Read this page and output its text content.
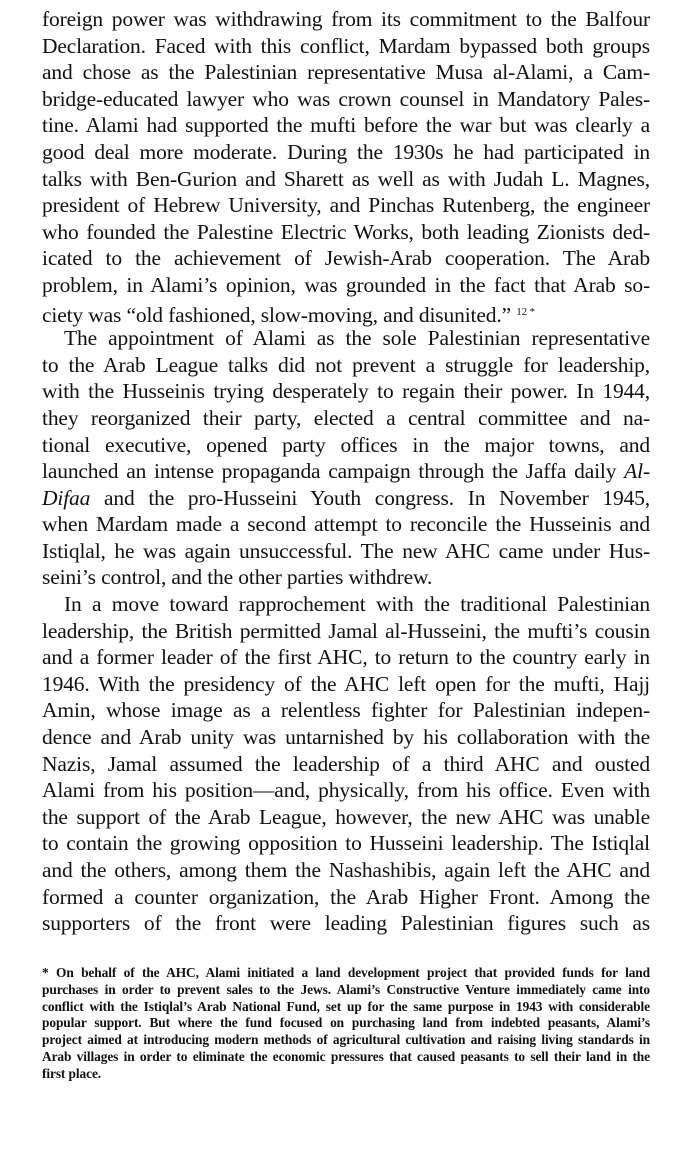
foreign power was withdrawing from its commitment to the Balfour
Declaration. Faced with this conflict, Mardam bypassed both groups
and chose as the Palestinian representative Musa al-Alami, a Cam-
bridge-educated lawyer who was crown counsel in Mandatory Pales-
tine. Alami had supported the mufti before the war but was clearly a
good deal more moderate. During the 1930s he had participated in
talks with Ben-Gurion and Sharett as well as with Judah L. Magnes,
president of Hebrew University, and Pinchas Rutenberg, the engineer
who founded the Palestine Electric Works, both leading Zionists ded-
icated to the achievement of Jewish-Arab cooperation. The Arab
problem, in Alami’s opinion, was grounded in the fact that Arab so-
ciety was “old fashioned, slow-moving, and disunited.” $^{12 *}$
The appointment of Alami as the sole Palestinian representative
to the Arab League talks did not prevent a struggle for leadership,
with the Husseinis trying desperately to regain their power. In 1944,
they reorganized their party, elected a central committee and na-
tional executive, opened party offices in the major towns, and
launched an intense propaganda campaign through the Jaffa daily Al-
Difaa and the pro-Husseini Youth congress. In November 1945,
when Mardam made a second attempt to reconcile the Husseinis and
Istiqlal, he was again unsuccessful. The new AHC came under Hus-
seini’s control, and the other parties withdrew.
In a move toward rapprochement with the traditional Palestinian
leadership, the British permitted Jamal al-Husseini, the mufti’s cousin
and a former leader of the first AHC, to return to the country early in
1946. With the presidency of the AHC left open for the mufti, Hajj
Amin, whose image as a relentless fighter for Palestinian indepen-
dence and Arab unity was untarnished by his collaboration with the
Nazis, Jamal assumed the leadership of a third AHC and ousted
Alami from his position—and, physically, from his office. Even with
the support of the Arab League, however, the new AHC was unable
to contain the growing opposition to Husseini leadership. The Istiqlal
and the others, among them the Nashashibis, again left the AHC and
formed a counter organization, the Arab Higher Front. Among the
supporters of the front were leading Palestinian figures such as
* On behalf of the AHC, Alami initiated a land development project that provided funds for land
purchases in order to prevent sales to the Jews. Alami’s Constructive Venture immediately came into
conflict with the Istiqlal’s Arab National Fund, set up for the same purpose in 1943 with considerable
popular support. But where the fund focused on purchasing land from indebted peasants, Alami’s
project aimed at introducing modern methods of agricultural cultivation and raising living standards in
Arab villages in order to eliminate the economic pressures that caused peasants to sell their land in the
first place.
